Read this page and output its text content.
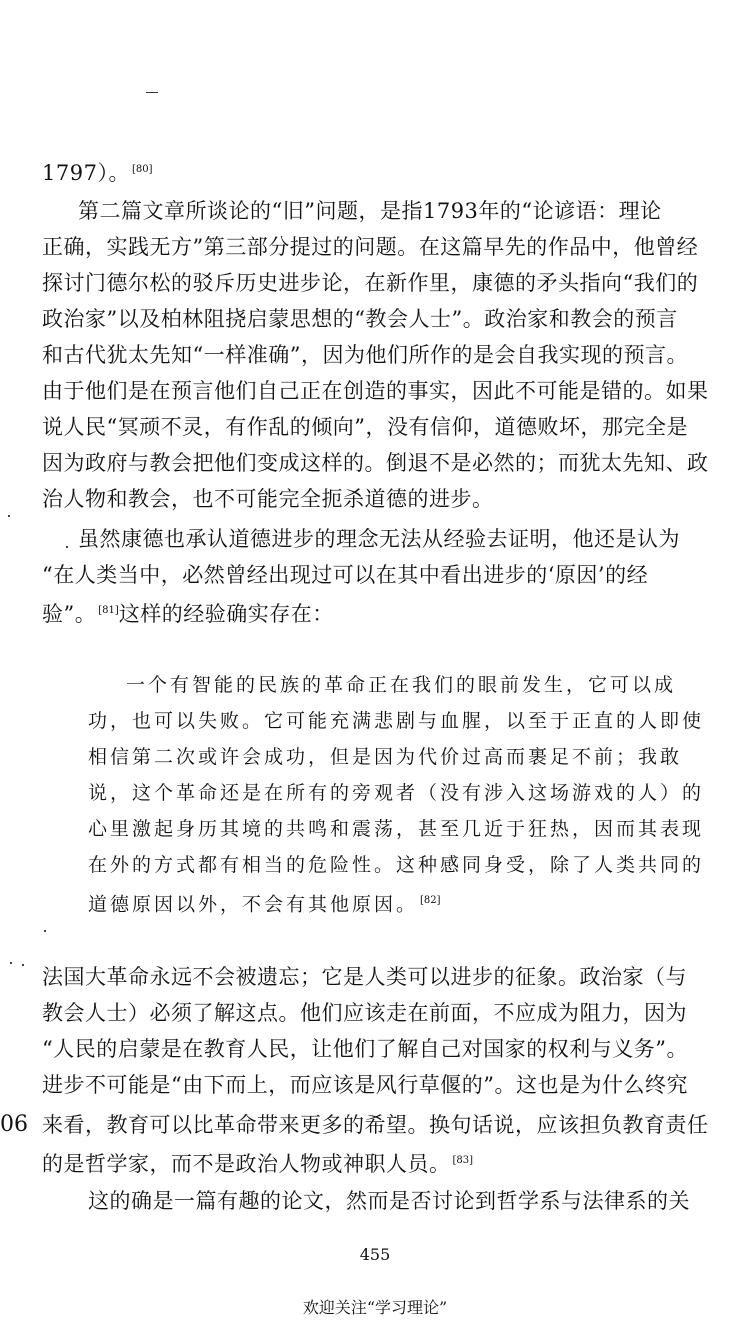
1797）。 [80]
第二篇文章所谈论的“旧”问题，是指1793年的“论谚语：理论
正确，实践无方”第三部分提过的问题。在这篇早先的作品中，他曾经
探讨门德尔松的驳斥历史进步论，在新作里，康德的矛头指向“我们的
政治家”以及柏林阻挠启蒙思想的“教会人士”。政治家和教会的预言
和古代犹太先知“一样准确”，因为他们所作的是会自我实现的预言。
由于他们是在预言他们自己正在创造的事实，因此不可能是错的。如果
说人民“冥顽不灵，有作乱的倾向”，没有信仰，道德败坏，那完全是
因为政府与教会把他们变成这样的。倒退不是必然的；而犹太先知、政
治人物和教会，也不可能完全扼杀道德的进步。
虽然康德也承认道德进步的理念无法从经验去证明，他还是认为
“在人类当中，必然曾经出现过可以在其中看出进步的‘原因’的经
验”。 [81]这样的经验确实存在：
一个有智能的民族的革命正在我们的眼前发生，它可以成
功，也可以失败。它可能充满悲剧与血腥，以至于正直的人即使
相信第二次或许会成功，但是因为代价过高而裹足不前；我敢
说，这个革命还是在所有的旁观者（没有涉入这场游戏的人）的
心里激起身历其境的共鸣和震荡，甚至几近于狂热，因而其表现
在外的方式都有相当的危险性。这种感同身受，除了人类共同的
道德原因以外，不会有其他原因。 [82]
法国大革命永远不会被遗忘；它是人类可以进步的征象。政治家（与
教会人士）必须了解这点。他们应该走在前面，不应成为阻力，因为
“人民的启蒙是在教育人民，让他们了解自己对国家的权利与义务”。
进步不可能是“由下而上，而应该是风行草偃的”。这也是为什么终究
来看，教育可以比革命带来更多的希望。换句话说，应该担负教育责任
的是哲学家，而不是政治人物或神职人员。 [83]
这的确是一篇有趣的论文，然而是否讨论到哲学系与法律系的关
06
455
欢迎关注“学习理论”
